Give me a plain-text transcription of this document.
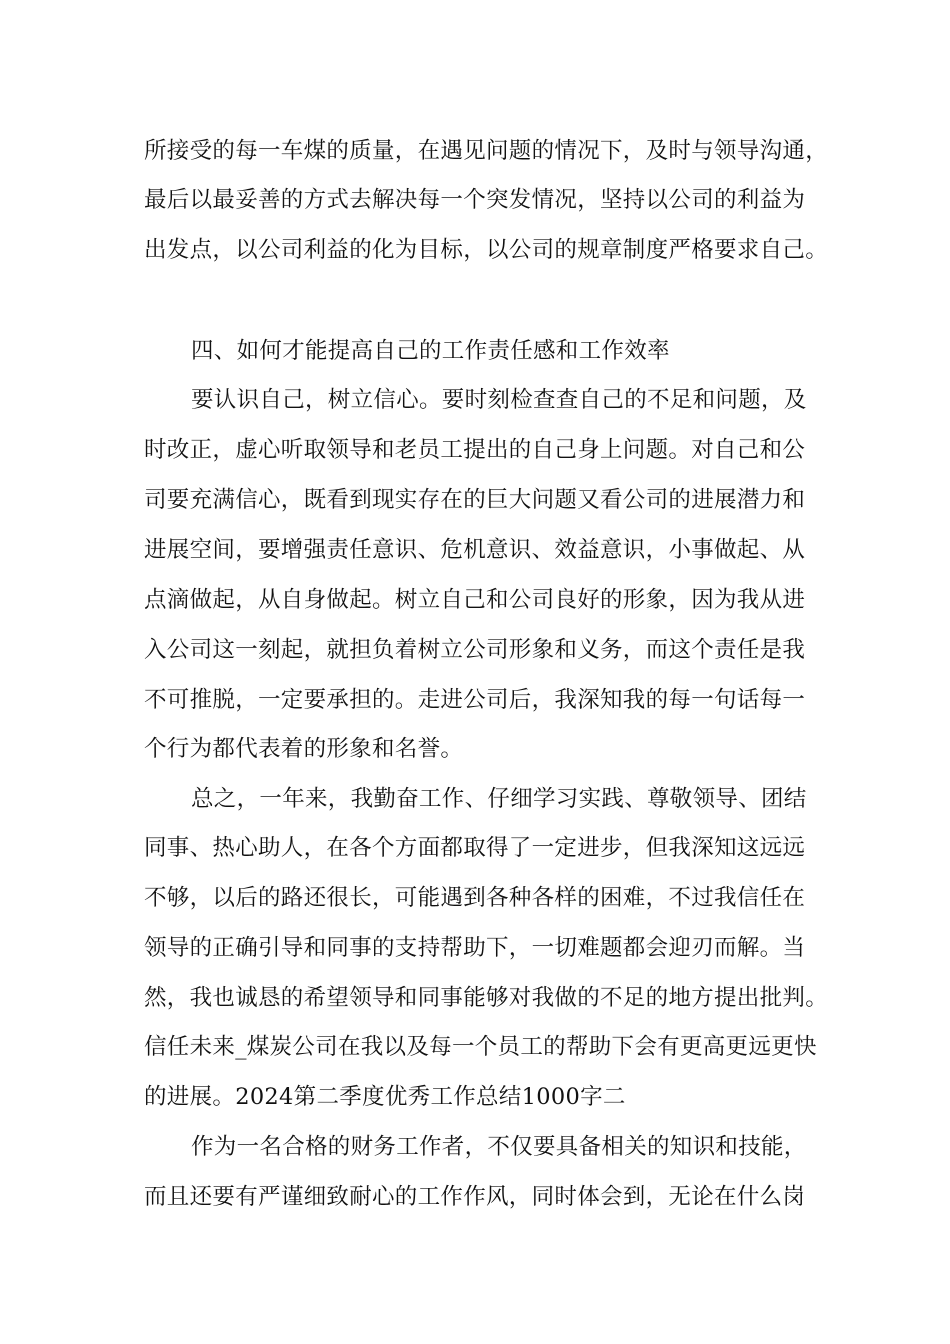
所接受的每一车煤的质量，在遇见问题的情况下，及时与领导沟通，
最后以最妥善的方式去解决每一个突发情况，坚持以公司的利益为
出发点，以公司利益的化为目标，以公司的规章制度严格要求自己。
四、如何才能提高自己的工作责任感和工作效率
要认识自己，树立信心。要时刻检查查自己的不足和问题，及
时改正，虚心听取领导和老员工提出的自己身上问题。对自己和公
司要充满信心，既看到现实存在的巨大问题又看公司的进展潜力和
进展空间，要增强责任意识、危机意识、效益意识，小事做起、从
点滴做起，从自身做起。树立自己和公司良好的形象，因为我从进
入公司这一刻起，就担负着树立公司形象和义务，而这个责任是我
不可推脱，一定要承担的。走进公司后，我深知我的每一句话每一
个行为都代表着的形象和名誉。
总之，一年来，我勤奋工作、仔细学习实践、尊敬领导、团结
同事、热心助人，在各个方面都取得了一定进步，但我深知这远远
不够，以后的路还很长，可能遇到各种各样的困难，不过我信任在
领导的正确引导和同事的支持帮助下，一切难题都会迎刃而解。当
然，我也诚恳的希望领导和同事能够对我做的不足的地方提出批判。
信任未来_煤炭公司在我以及每一个员工的帮助下会有更高更远更快
的进展。2024第二季度优秀工作总结1000字二
作为一名合格的财务工作者，不仅要具备相关的知识和技能，
而且还要有严谨细致耐心的工作作风，同时体会到，无论在什么岗
